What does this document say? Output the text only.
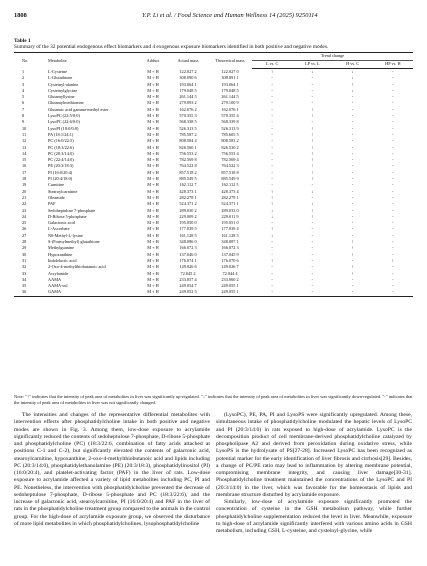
1808	Y.P. Li et al. / Food Science and Human Wellness 14 (2025) 9250114
Table 1
Summary of the 32 potential endogenous effect biomarkers and 4 exogenous exposure biomarkers identified in both positive and negative modes.
No.	Metabolite	Adduct	Actual mass	Theoretical mass	Trend change			
					L vs. C	LP vs. L	H vs. C	HP vs. H
1	L-Cysteine	M + H	122.027 2	122.027 0	↑	↓	↓	-
2	L-Glutathione	M + H	308.090 6	308.091 1	-	-	↓	-
3	Cysteinyl-alanine	M + H	193.064 1	193.064 1	-	-	↑	-
4	Cysteinylglycine	M + H	179.048 5	179.048 5	-	-	↓	-
5	Glutamyllysine	M + H	261.144 5	261.144 5	-	-	-	-
6	Glutamylmethionine	M + H	279.093 2	279.100 9	-	-	-	-
7	Glutamic acid gamma-methyl ester	M + H	162.076 2	162.076 1	-	↑	-	-
8	LysoPC (22:5/0:0)	M + H	570.355 3	570.355 4	-	↑	-	-
9	LysoPC (22:6/0:0)	M + H	568.338 5	568.339 8	-	-	-	-
10	LysoPI (18:0/0:0)	M + H	526.313 5	526.313 9	-	↑	-	-
11	PA (18:1/24:1)	M + H	785.587 2	785.605 5	-	↑	-	-
12	PC (16:0/22:5)	M + H	808.584 4	808.583 2	-	↑	-	-
13	PC (18:3/22:6)	M + H	826.560 1	826.530 2	-	↑	-	-
14	PC (20:3/14:0)	M + H	756.553 2	756.553 4	-	↑	-	-
15	PC (22:4/14:0)	M + H	782.569 8	782.569 4	-	↑	-	-
16	PE (20:3/18:3)	M + H	764.522 8	764.522 3	-	↑	-	-
17	PI (16:0/20:4)	M + H	857.518 2	857.518 8	-	↑	-	-
18	PI (20:4/18:0)	M + H	885.549 5	885.549 9	-	↑	-	-
19	Carnitine	M + H	162.112 7	162.112 5	-	-	-	-
20	Stearoylcarnitine	M + H	428.373 1	428.373 4	↑	↓	-	-
21	Oleamide	M + H	282.278 1	282.279 1	↑	-	-	-
22	PAF	M + H	524.371 2	524.371 1	↑	↓	-	-
23	Sedoheptulose 7-phosphate	M + H	289.030 2	289.033 0	↓	↑	-	-
24	D-Ribose 5-phosphate	M + H	229.009 2	229.011 9	↓	↑	-	-
25	Galactonic acid	M + H	195.050 0	195.051 0	-	-	-	-
26	L-Ascorbate	M + H	177.039 5	177.039 4	↑	-	-	-
27	N6-Methyl-L-lysine	M + H	161.128 5	161.128 5	↓	-	-	-
28	S-(Formylmethyl) glutathione	M + H	348.086 0	348.087 1	-	-	↑	-
29	Methylguanine	M + H	166.072 3	166.072 3	-	-	↑	-
30	Hypoxanthine	M + H	137.046 0	137.045 9	-	-	↑	-
31	Indolelactic acid	M + H	176.074 1	176.070 6	↑	-	-	↑
32	2-Oxo-4-methylthiobutanoic acid	M + H	149.026 6	149.026 7	-	-	↑	-
33	Acrylamide	M + H	72.045 2	72.044 4	-	-	↑	-
34	AAMA	M + H	233.057 4	233.060 2	-	-	-	-
35	AAMA-sul	M + H	249.054 7	249.055 1	-	-	-	-
36	GAMA	M + H	249.052 5	249.055 1	-	-	-	-
Note: "↑" indicates that the intensity of peak area of metabolites in liver was significantly up-regulated. "↓" indicates that the intensity of peak area of metabolites in liver was significantly down-regulated. "-" indicates that the intensity of peak area of metabolites in liver was not significantly changed.

The intensities and changes of the representative differential metabolites with intervention effects after phosphatidylcholine intake in both positive and negative modes are shown in Fig. 3. Among them, low-dose exposure to acrylamide significantly reduced the contents of sedoheptulose 7-phosphate, D-ribose 5-phosphate and phosphatidylcholine (PC) (18:3/22:6, combination of fatty acids attached at positions C-1 and C-2), but significantly elevated the contents of galactonic acid, stearoylcarnitine, hypoxanthine, 2-oxo-4-methylthiobutanoic acid and lipids including PC (20:3/14:0), phosphatidylethanolamine (PE) (20:3/18:3), phosphatidylinositol (PI) (16:0/20:4), and platelet-activating factor (PAF) in the liver of rats. Low-dose exposure to acrylamide affected a variety of lipid metabolites including PC, PI and PE. Nonetheless, the intervention with phosphatidylcholine prevented the decrease of sedoheptulose 7-phosphate, D-ribose 5-phosphate and PC (18:3/22:6), and the increase of galactonic acid, stearoylcarnitine, PI (16:0/20:4) and PAF in the liver of rats in the phosphatidylcholine treatment group compared to the animals in the control group. For the high-dose of acrylamide exposure group, we observed the disturbance of more lipid metabolites in which phosphatidylcholines, lysophosphatidylcholine

(LysoPC), PE, PA, PI and LysoPS were significantly upregulated. Among these, simultaneous intake of phosphatidylcholine modulated the hepatic levels of LysoPC and PI (20:3/14:0) in rats exposed to high-dose of acrylamide. LysoPC is the decomposition product of cell membrane-derived phosphatidylcholine catalyzed by phospholipase A2 and derived from peroxidation during oxidative stress, while LysoPS is the hydrolysate of PS[27-28]. Increased LysoPC has been recognized as potential marker for the early identification of liver fibrosis and cirrhosis[29]. Besides, a change of PC/PE ratio may lead to inflammation by altering membrane potential, compromising membrane integrity, and causing liver damage[30-31]. Phosphatidylcholine treatment maintained the concentrations of the LysoPC and PI (20:3/14:0) in the liver, which was favorable for the homeostasis of lipids and membrane structure disturbed by acrylamide exposure.

Similarly, low-dose of acrylamide exposure significantly promoted the concentration of cysteine in the GSH metabolism pathway, while further phosphatidylcholine supplementation reduced the level in liver. Meanwhile, exposure to high-dose of acrylamide significantly interfered with various amino acids in GSH metabolism, including GSH, L-cysteine, and cysteinyl-glycine, while
